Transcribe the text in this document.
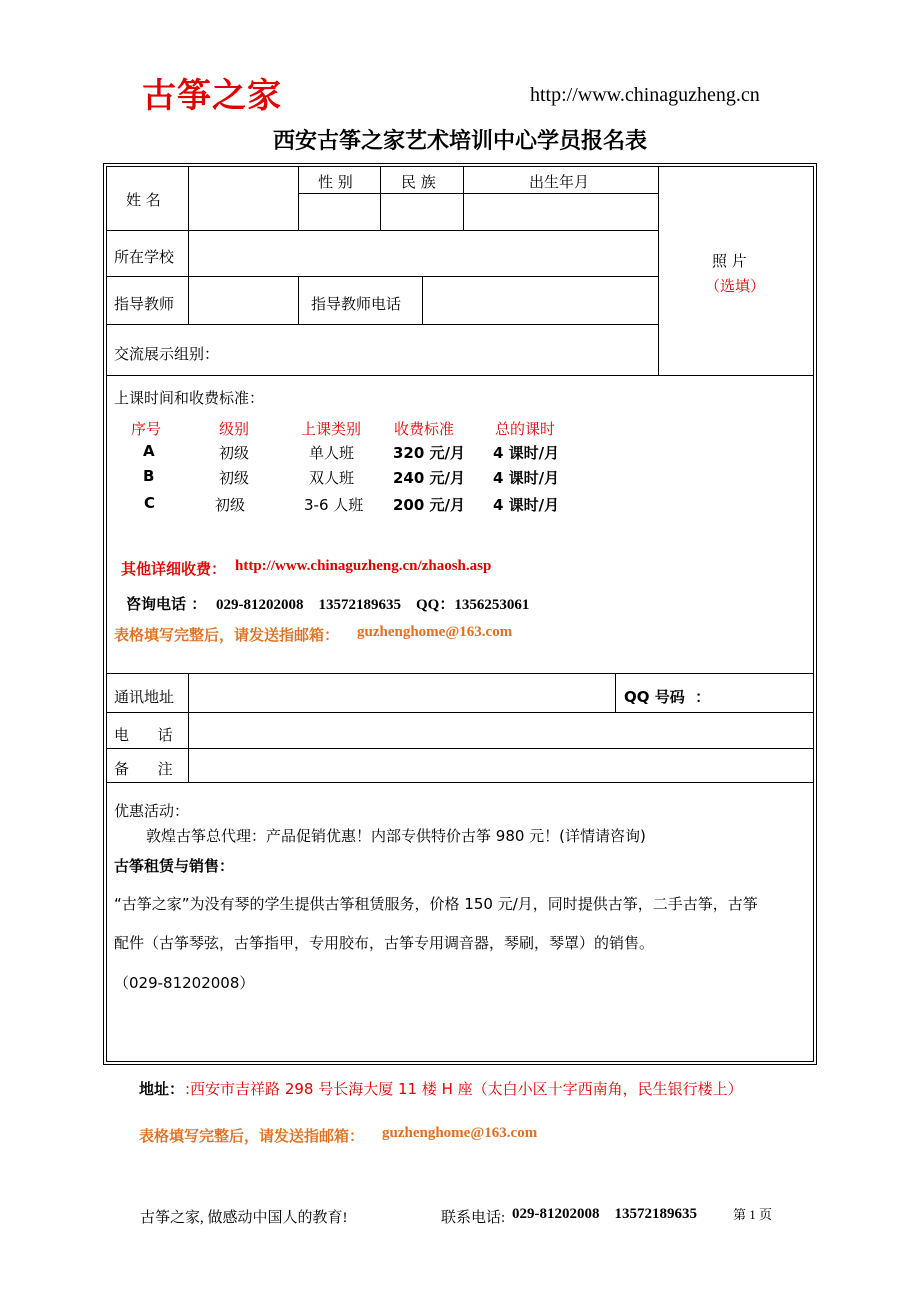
古筝之家	http://www.chinaguzheng.cn
西安古筝之家艺术培训中心学员报名表
姓 名
性 别	民 族	出生年月
所在学校
指导教师	指导教师电话
交流展示组别：
照 片
（选填）
上课时间和收费标准：
序号	级别	上课类别 收费标准	总的课时
A	初级	单人班	320 元/月 4 课时/月
B	初级	双人班	240 元/月 4 课时/月
C	初级	3-6 人班 200 元/月 4 课时/月
其他详细收费： http://www.chinaguzheng.cn/zhaosh.asp
咨询电话 ： 029-81202008    13572189635    QQ：1356253061
表格填写完整后，请发送指邮箱： guzhenghome@163.com
通讯地址	QQ 号码  ：
电      话
备      注
优惠活动：
敦煌古筝总代理：产品促销优惠！内部专供特价古筝 980 元！(详情请咨询)
古筝租赁与销售：
“古筝之家”为没有琴的学生提供古筝租赁服务，价格 150 元/月，同时提供古筝，二手古筝，古筝
配件（古筝琴弦，古筝指甲，专用胶布，古筝专用调音器，琴刷，琴罩）的销售。
（029-81202008）
地址： :西安市吉祥路 298 号长海大厦 11 楼 H 座（太白小区十字西南角，民生银行楼上）
表格填写完整后，请发送指邮箱： guzhenghome@163.com
古筝之家, 做感动中国人的教育!	联系电话: 029-81202008    13572189635	第 1 页
